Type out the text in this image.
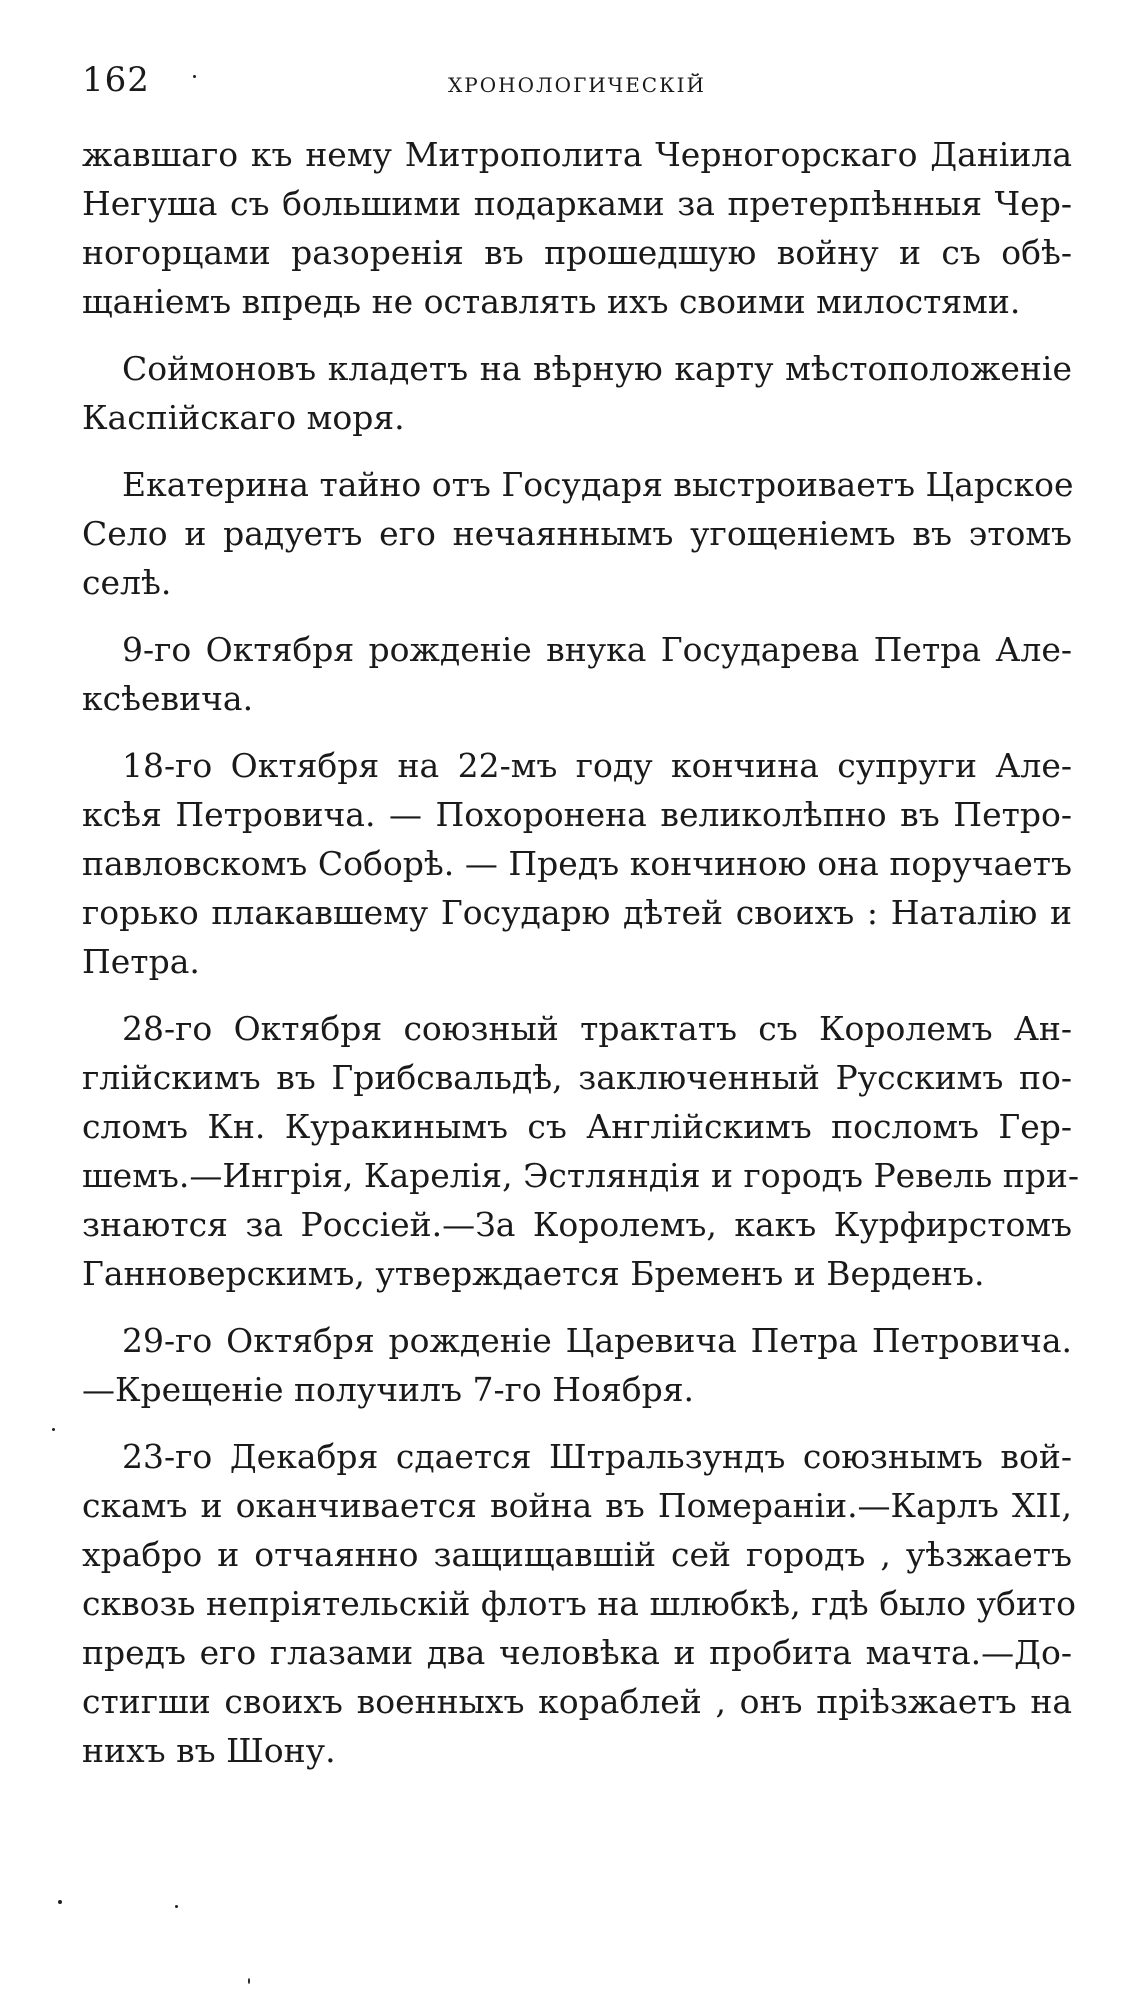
162	хронологическій

жавшаго къ нему Митрополита Черногорскаго Данiила
Негуша съ большими подарками за претерпѣнныя Чер-
ногорцами разоренiя въ прошедшую войну и съ обѣ-
щанiемъ впредь не оставлять ихъ своими милостями.

Соймоновъ кладетъ на вѣрную карту мѣстоположенiе
Каспiйскаго моря.

Екатерина тайно отъ Государя выстроиваетъ Царское
Село и радуетъ его нечаяннымъ угощенiемъ въ этомъ
селѣ.

9-го Октября рожденiе внука Государева Петра Але-
ксѣевича.

18-го Октября на 22-мъ году кончина супруги Але-
ксѣя Петровича. — Похоронена великолѣпно въ Петро-
павловскомъ Соборѣ. — Предъ кончиною она поручаетъ
горько плакавшему Государю дѣтей своихъ : Наталiю и
Петра.

28-го Октября союзный трактатъ съ Королемъ Ан-
глiйскимъ въ Грибсвальдѣ, заключенный Русскимъ по-
сломъ Кн. Куракинымъ съ Англiйскимъ посломъ Гер-
шемъ.—Ингрiя, Карелiя, Эстляндiя и городъ Ревель при-
знаются за Россiей.—За Королемъ, какъ Курфирстомъ
Ганноверскимъ, утверждается Бременъ и Верденъ.

29-го Октября рожденiе Царевича Петра Петровича.
—Крещенiе получилъ 7-го Ноября.

23-го Декабря сдается Штральзундъ союзнымъ вой-
скамъ и оканчивается война въ Померанiи.—Карлъ XII,
храбро и отчаянно защищавшiй сей городъ , уѣзжаетъ
сквозь непрiятельскiй флотъ на шлюбкѣ, гдѣ было убито
предъ его глазами два человѣка и пробита мачта.—До-
стигши своихъ военныхъ кораблей , онъ прiѣзжаетъ на
нихъ въ Шону.
